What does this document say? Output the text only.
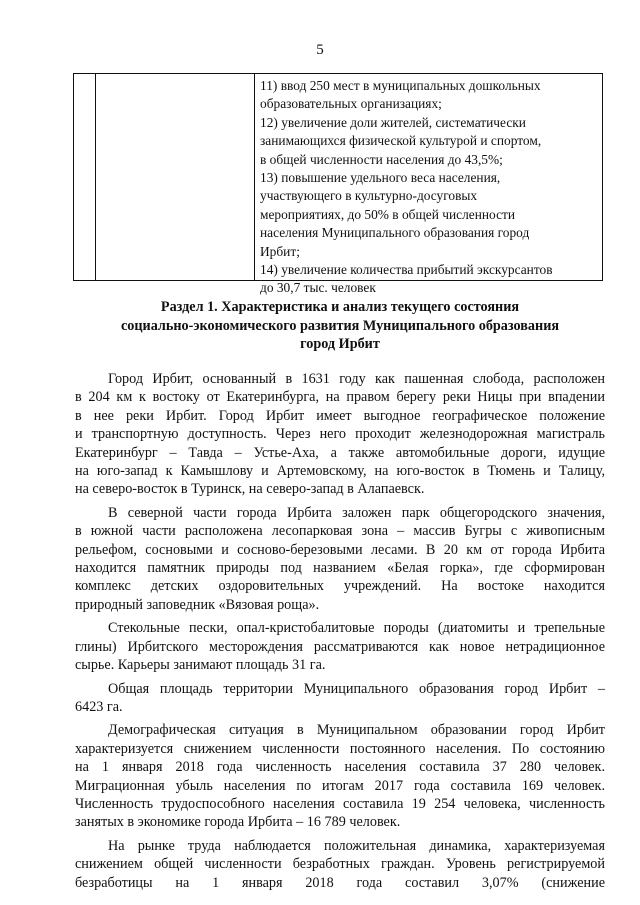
5
11) ввод 250 мест в муниципальных дошкольных
образовательных организациях;
12) увеличение доли жителей, систематически
занимающихся физической культурой и спортом,
в общей численности населения до 43,5%;
13) повышение удельного веса населения,
участвующего в культурно-досуговых
мероприятиях, до 50% в общей численности
населения Муниципального образования город
Ирбит;
14) увеличение количества прибытий экскурсантов
до 30,7 тыс. человек
Раздел 1. Характеристика и анализ текущего состояния
социально-экономического развития Муниципального образования
город Ирбит
Город Ирбит, основанный в 1631 году как пашенная слобода, расположен
в 204 км к востоку от Екатеринбурга, на правом берегу реки Ницы при впадении
в нее реки Ирбит. Город Ирбит имеет выгодное географическое положение
и транспортную доступность. Через него проходит железнодорожная магистраль
Екатеринбург – Тавда – Устье-Аха, а также автомобильные дороги, идущие
на юго-запад к Камышлову и Артемовскому, на юго-восток в Тюмень и Талицу,
на северо-восток в Туринск, на северо-запад в Алапаевск.
В северной части города Ирбита заложен парк общегородского значения,
в южной части расположена лесопарковая зона – массив Бугры с живописным
рельефом, сосновыми и сосново-березовыми лесами. В 20 км от города Ирбита
находится памятник природы под названием «Белая горка», где сформирован
комплекс детских оздоровительных учреждений. На востоке находится
природный заповедник «Вязовая роща».
Стекольные пески, опал-кристобалитовые породы (диатомиты и трепельные
глины) Ирбитского месторождения рассматриваются как новое нетрадиционное
сырье. Карьеры занимают площадь 31 га.
Общая площадь территории Муниципального образования город Ирбит –
6423 га.
Демографическая ситуация в Муниципальном образовании город Ирбит
характеризуется снижением численности постоянного населения. По состоянию
на 1 января 2018 года численность населения составила 37 280 человек.
Миграционная убыль населения по итогам 2017 года составила 169 человек.
Численность трудоспособного населения составила 19 254 человека, численность
занятых в экономике города Ирбита – 16 789 человек.
На рынке труда наблюдается положительная динамика, характеризуемая
снижением общей численности безработных граждан. Уровень регистрируемой
безработицы на 1 января 2018 года составил 3,07% (снижение
